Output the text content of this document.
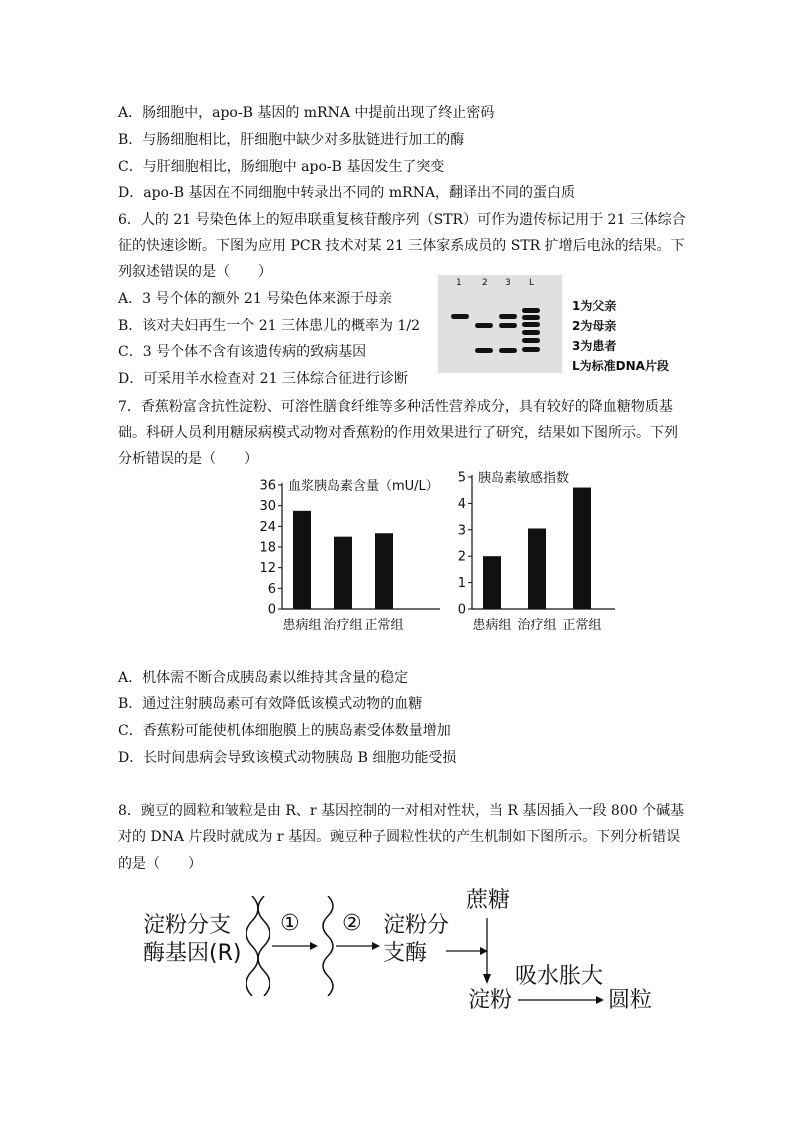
A．肠细胞中，apo-B 基因的 mRNA 中提前出现了终止密码
B．与肠细胞相比，肝细胞中缺少对多肽链进行加工的酶
C．与肝细胞相比，肠细胞中 apo-B 基因发生了突变
D．apo-B 基因在不同细胞中转录出不同的 mRNA，翻译出不同的蛋白质
6．人的 21 号染色体上的短串联重复核苷酸序列（STR）可作为遗传标记用于 21 三体综合
征的快速诊断。下图为应用 PCR 技术对某 21 三体家系成员的 STR 扩增后电泳的结果。下
列叙述错误的是（　　）
A．3 号个体的额外 21 号染色体来源于母亲
B．该对夫妇再生一个 21 三体患儿的概率为 1/2
C．3 号个体不含有该遗传病的致病基因
D．可采用羊水检查对 21 三体综合征进行诊断
1 2 3 L
1为父亲
2为母亲
3为患者
L为标准DNA片段
7．香蕉粉富含抗性淀粉、可溶性膳食纤维等多种活性营养成分，具有较好的降血糖物质基
础。科研人员利用糖尿病模式动物对香蕉粉的作用效果进行了研究，结果如下图所示。下列
分析错误的是（　　）
0
6
12
18
24
30
36 血浆胰岛素含量（mU/L）
患病组 治疗组 正常组
0
1
2
3
4
5 胰岛素敏感指数
患病组 治疗组 正常组
A．机体需不断合成胰岛素以维持其含量的稳定
B．通过注射胰岛素可有效降低该模式动物的血糖
C．香蕉粉可能使机体细胞膜上的胰岛素受体数量增加
D．长时间患病会导致该模式动物胰岛 B 细胞功能受损
8．豌豆的圆粒和皱粒是由 R、r 基因控制的一对相对性状，当 R 基因插入一段 800 个碱基
对的 DNA 片段时就成为 r 基因。豌豆种子圆粒性状的产生机制如下图所示。下列分析错误
的是（　　）
淀粉分支
酶基因(R)
① ② 淀粉分
支酶
蔗糖
淀粉
吸水胀大
圆粒
